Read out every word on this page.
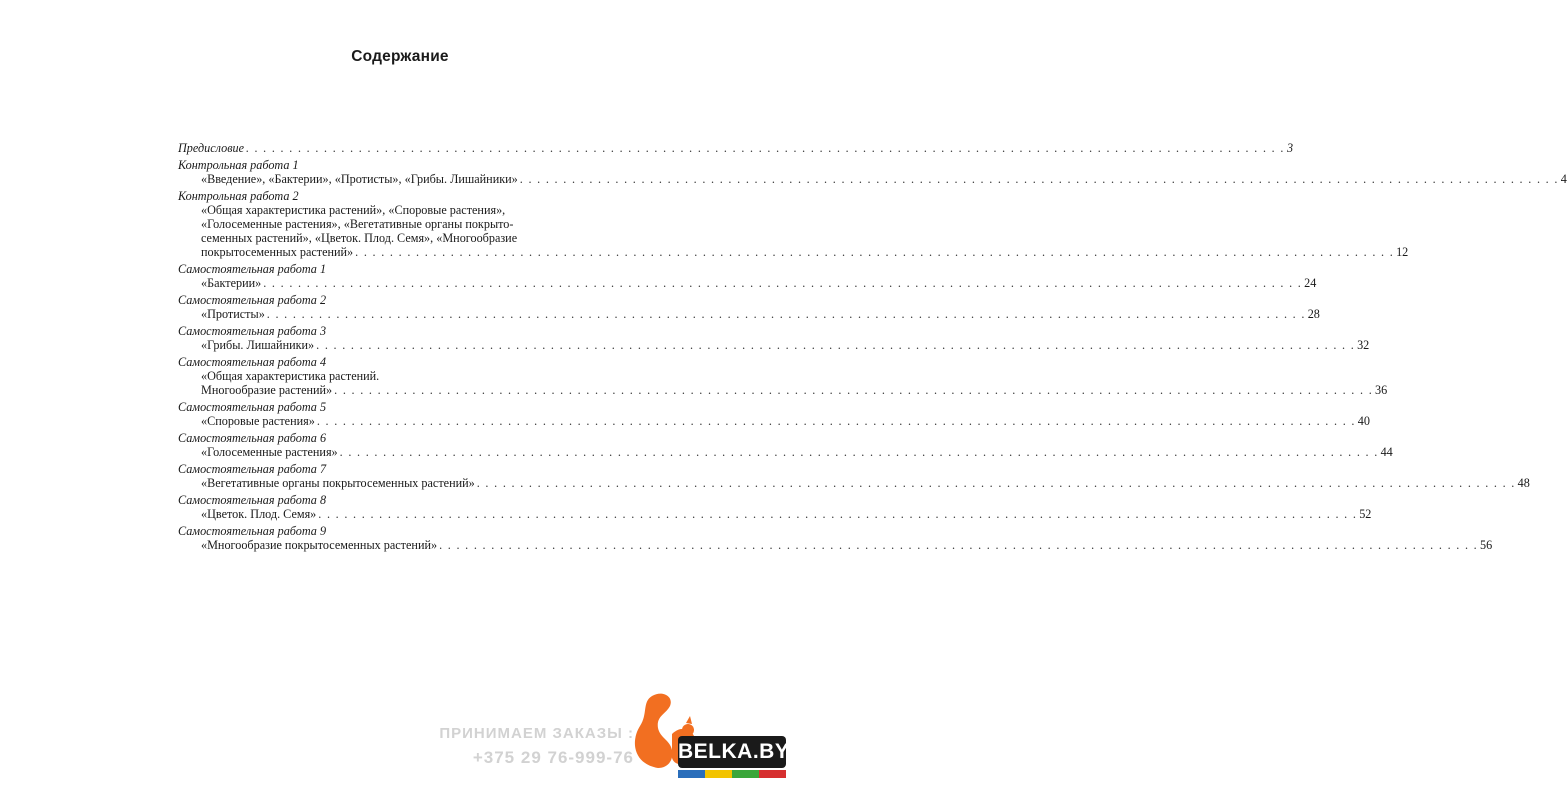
Содержание
Предисловие . . . . . . . . . . . . . . . . . . . . . . . . . . . . . . . . . . . . . . . . . . . . . . . . . . . . . . . . . . . . . . . . . . . . . . . . . . . . . . . . . . . . . . . . . . . . . . . . . . . . . . . . . . . . . . . . . . . . . . . . 3
Контрольная работа 1
«Введение», «Бактерии», «Протисты», «Грибы. Лишайники» . . . . . . . . . . . . . . . . . . . . . . . . . . . . . . . . . . . . . . . . . . . . . . . . . . . . . . . . . . . . . . . . . . . . . . . . . . . . . . . . . . . . . . . . . . . . . . . . . . . . . . . . . . . . . . . . . . . . . . . . 4
Контрольная работа 2
«Общая характеристика растений», «Споровые растения»,
«Голосеменные растения», «Вегетативные органы покрыто-
семенных растений», «Цветок. Плод. Семя», «Многообразие
покрытосеменных растений» . . . . . . . . . . . . . . . . . . . . . . . . . . . . . . . . . . . . . . . . . . . . . . . . . . . . . . . . . . . . . . . . . . . . . . . . . . . . . . . . . . . . . . . . . . . . . . . . . . . . . . . . . . . . . . . . . . . . . . . . 12
Самостоятельная работа 1
«Бактерии» . . . . . . . . . . . . . . . . . . . . . . . . . . . . . . . . . . . . . . . . . . . . . . . . . . . . . . . . . . . . . . . . . . . . . . . . . . . . . . . . . . . . . . . . . . . . . . . . . . . . . . . . . . . . . . . . . . . . . . . . 24
Самостоятельная работа 2
«Протисты» . . . . . . . . . . . . . . . . . . . . . . . . . . . . . . . . . . . . . . . . . . . . . . . . . . . . . . . . . . . . . . . . . . . . . . . . . . . . . . . . . . . . . . . . . . . . . . . . . . . . . . . . . . . . . . . . . . . . . . . . 28
Самостоятельная работа 3
«Грибы. Лишайники» . . . . . . . . . . . . . . . . . . . . . . . . . . . . . . . . . . . . . . . . . . . . . . . . . . . . . . . . . . . . . . . . . . . . . . . . . . . . . . . . . . . . . . . . . . . . . . . . . . . . . . . . . . . . . . . . . . . . . . . . 32
Самостоятельная работа 4
«Общая характеристика растений.
Многообразие растений» . . . . . . . . . . . . . . . . . . . . . . . . . . . . . . . . . . . . . . . . . . . . . . . . . . . . . . . . . . . . . . . . . . . . . . . . . . . . . . . . . . . . . . . . . . . . . . . . . . . . . . . . . . . . . . . . . . . . . . . . 36
Самостоятельная работа 5
«Споровые растения» . . . . . . . . . . . . . . . . . . . . . . . . . . . . . . . . . . . . . . . . . . . . . . . . . . . . . . . . . . . . . . . . . . . . . . . . . . . . . . . . . . . . . . . . . . . . . . . . . . . . . . . . . . . . . . . . . . . . . . . . 40
Самостоятельная работа 6
«Голосеменные растения» . . . . . . . . . . . . . . . . . . . . . . . . . . . . . . . . . . . . . . . . . . . . . . . . . . . . . . . . . . . . . . . . . . . . . . . . . . . . . . . . . . . . . . . . . . . . . . . . . . . . . . . . . . . . . . . . . . . . . . . . 44
Самостоятельная работа 7
«Вегетативные органы покрытосеменных растений» . . . . . . . . . . . . . . . . . . . . . . . . . . . . . . . . . . . . . . . . . . . . . . . . . . . . . . . . . . . . . . . . . . . . . . . . . . . . . . . . . . . . . . . . . . . . . . . . . . . . . . . . . . . . . . . . . . . . . . . . 48
Самостоятельная работа 8
«Цветок. Плод. Семя» . . . . . . . . . . . . . . . . . . . . . . . . . . . . . . . . . . . . . . . . . . . . . . . . . . . . . . . . . . . . . . . . . . . . . . . . . . . . . . . . . . . . . . . . . . . . . . . . . . . . . . . . . . . . . . . . . . . . . . . . 52
Самостоятельная работа 9
«Многообразие покрытосеменных растений» . . . . . . . . . . . . . . . . . . . . . . . . . . . . . . . . . . . . . . . . . . . . . . . . . . . . . . . . . . . . . . . . . . . . . . . . . . . . . . . . . . . . . . . . . . . . . . . . . . . . . . . . . . . . . . . . . . . . . . . . 56
ПРИНИМАЕМ ЗАКАЗЫ :
+375 29 76-999-76 BELKA.BY
